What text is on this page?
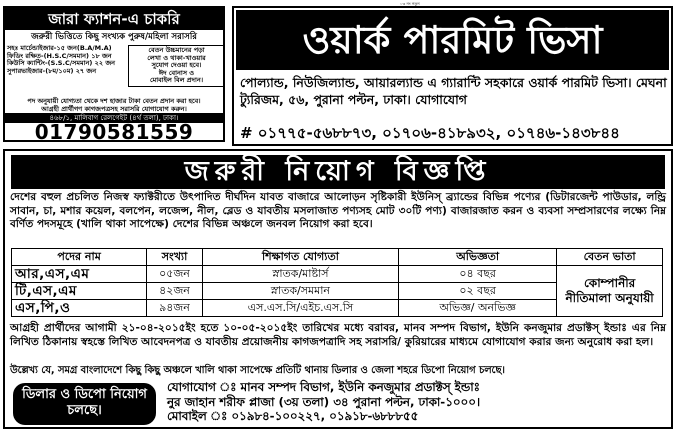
০৩ নং নতুন
জারা ফ্যাশন-এ চাকরি
জরুরী ভিত্তিতে কিছু সংখ্যক পুরুষ/মহিলা সরাসরি
সহঃ মার্চেন্ডাইজার-১৫ জন(B.A/M.A)
ফিডিং রক্ষিত-(H.S.C/সমমান) ১৮ জন
কিউসি ক্যান্টিং-(S.S.C/সমমান) ২২ জন
সুপারভাইজার-(৮ম/১০ম) ২৭ জন
বেতন উচ্চমানের পড়া
লেখা ও থাকা-খাওয়ার
সুযোগ দেওয়া হবে।
ঈদ বোনাস ও
মোবাইল বিল প্রদান।
পদ অনুযায়ী যোগ্যতা থেকে দশ হাজার টাকা বেতন প্রদান করা হবে।
আগ্রহী প্রার্থীগণ কাগজপত্রসহ সরাসরি যোগাযোগ করুন।
৪৬৮/১, মালিবাগ রেলগেইট (৪র্থ তলা), ঢাকা।
01790581559
ওয়ার্ক পারমিট ভিসা
পোল্যান্ড, নিউজিল্যান্ড, আয়ারল্যান্ড এ গ্যারান্টি সহকারে ওয়ার্ক পারমিট ভিসা। মেঘনা ট্যুরিজম, ৫৬, পুরানা পল্টন, ঢাকা। যোগাযোগ
# ০১৭৭৫-৫৬৮৮৭৩, ০১৭০৬-৪১৮৯৩২, ০১৭৪৬-১৪৩৮৪৪
জরুরী নিয়োগ বিজ্ঞপ্তি
দেশের বহুল প্রচলিত নিজস্ব ফ্যাক্টরীতে উৎপাদিত দীর্ঘদিন যাবত বাজারে আলোড়ন সৃষ্টিকারী ইউনিস্ ব্র্যান্ডের বিভিন্ন পণ্যের (ডিটারজেন্ট পাউডার, লন্ড্রি সাবান, চা, মশার কয়েল, বলপেন, লজেন্স, নীল, ব্লেড ও যাবতীয় মসলাজাত পণ্যসহ মোট ৩০টি পণ্য) বাজারজাত করন ও ব্যবসা সম্প্রসারণের লক্ষ্যে নিম্ন বর্ণিত পদসমূহে (খালি থাকা সাপেক্ষে) দেশের বিভিন্ন অঞ্চলে জনবল নিয়োগ করা হবে।
পদের নাম	সংখ্যা	শিক্ষাগত যোগ্যতা	অভিজ্ঞতা	বেতন ভাতা
আর,এস,এম	০৫জন	স্নাতক/মাষ্টার্স	০৪ বছর	কোম্পানীর নীতিমালা অনুযায়ী
টি,এস,এম	৪২জন	স্নাতক/সমমান	০২ বছর	
এস,পি,ও	৯৪জন	এস.এস.সি/এইচ.এস.সি	অভিজ্ঞ/ অনভিজ্ঞ	
আগ্রহী প্রার্থীদের আগামী ২১-০৪-২০১৫ইং হতে ১০-০৫-২০১৫ইং তারিখের মধ্যে বরাবর, মানব সম্পদ বিভাগ, ইউনি কনজুমার প্রডাক্টস্ ইন্ডাঃ এর নিম্ন লিখিত ঠিকানায় স্বহস্তে লিখিত আবেদনপত্র ও যাবতীয় প্রয়োজনীয় কাগজপত্রাদি সহ সরাসরি/ কুরিয়ারের মাধ্যমে যোগাযোগ করার জন্য অনুরোধ করা হল।
উল্লেখ্য যে, সমগ্র বাংলাদেশে কিছু কিছু অঞ্চলে খালি থাকা সাপেক্ষে প্রতিটি থানায় ডিলার ও জেলা শহরে ডিপো নিয়োগ চলছে।
ডিলার ও ডিপো নিয়োগ চলছে।
যোগাযোগ ঃ মানব সম্পদ বিভাগ, ইউনি কনজুমার প্রডাক্টস্ ইন্ডাঃ
নুর জাহান শরীফ প্লাজা (৩য় তলা) ৩৪ পুরানা পল্টন, ঢাকা-১০০০।
মোবাইল ঃ ০১৯৮৪-১০০২২৭, ০১৯১৮-৬৮৮৮৫৫
